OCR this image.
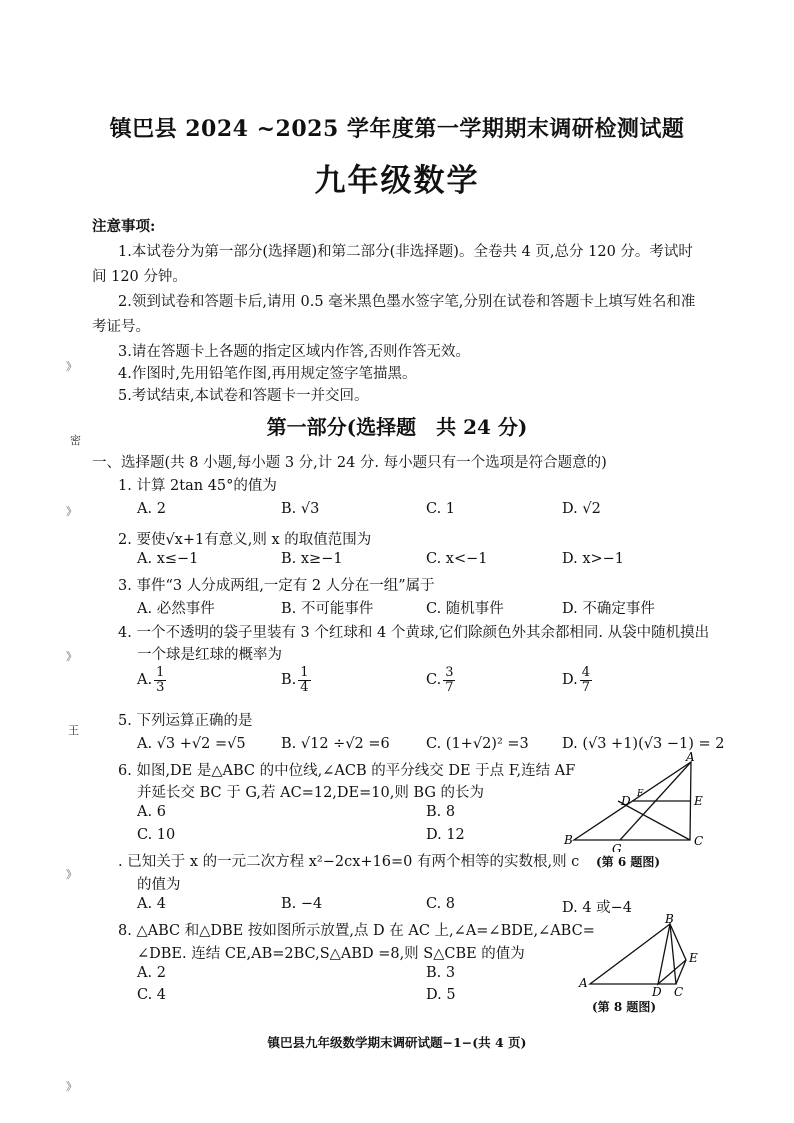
镇巴县 2024 ~2025 学年度第一学期期末调研检测试题
九年级数学
注意事项:
1.本试卷分为第一部分(选择题)和第二部分(非选择题)。全卷共 4 页,总分 120 分。考试时
间 120 分钟。
2.领到试卷和答题卡后,请用 0.5 毫米黑色墨水签字笔,分别在试卷和答题卡上填写姓名和准
考证号。
3.请在答题卡上各题的指定区域内作答,否则作答无效。
4.作图时,先用铅笔作图,再用规定签字笔描黑。
5.考试结束,本试卷和答题卡一并交回。
第一部分(选择题　共 24 分)
一、选择题(共 8 小题,每小题 3 分,计 24 分. 每小题只有一个选项是符合题意的)
1. 计算 2tan 45°的值为
A. 2	B. √3	C. 1	D. √2
2. 要使√x+1有意义,则 x 的取值范围为
A. x≤−1	B. x≥−1	C. x<−1	D. x>−1
3. 事件“3 人分成两组,一定有 2 人分在一组”属于
A. 必然事件	B. 不可能事件	C. 随机事件	D. 不确定事件
4. 一个不透明的袋子里装有 3 个红球和 4 个黄球,它们除颜色外其余都相同. 从袋中随机摸出
一个球是红球的概率为
A. $\frac{1}{3}$	B. $\frac{1}{4}$	C. $\frac{3}{7}$	D. $\frac{4}{7}$
5. 下列运算正确的是
A. √3 +√2 =√5 B. √12 ÷√2 =6 C. (1+√2)² =3 D. (√3 +1)(√3 −1) = 2
6. 如图,DE 是△ABC 的中位线,∠ACB 的平分线交 DE 于点 F,连结 AF
并延长交 BC 于 G,若 AC=12,DE=10,则 BG 的长为
A. 6	B. 8
C. 10	D. 12
A
B	C
D	E
F
G
(第 6 题图)
. 已知关于 x 的一元二次方程 x²−2cx+16=0 有两个相等的实数根,则 c
的值为
A. 4	B. −4	C. 8	D. 4 或−4
8. △ABC 和△DBE 按如图所示放置,点 D 在 AC 上,∠A=∠BDE,∠ABC=
∠DBE. 连结 CE,AB=2BC,S△ABD =8,则 S△CBE 的值为
A. 2	B. 3
C. 4	D. 5
B
A
D C
E
(第 8 题图)
镇巴县九年级数学期末调研试题−1−(共 4 页)
》
密
》
》
王
》
》
